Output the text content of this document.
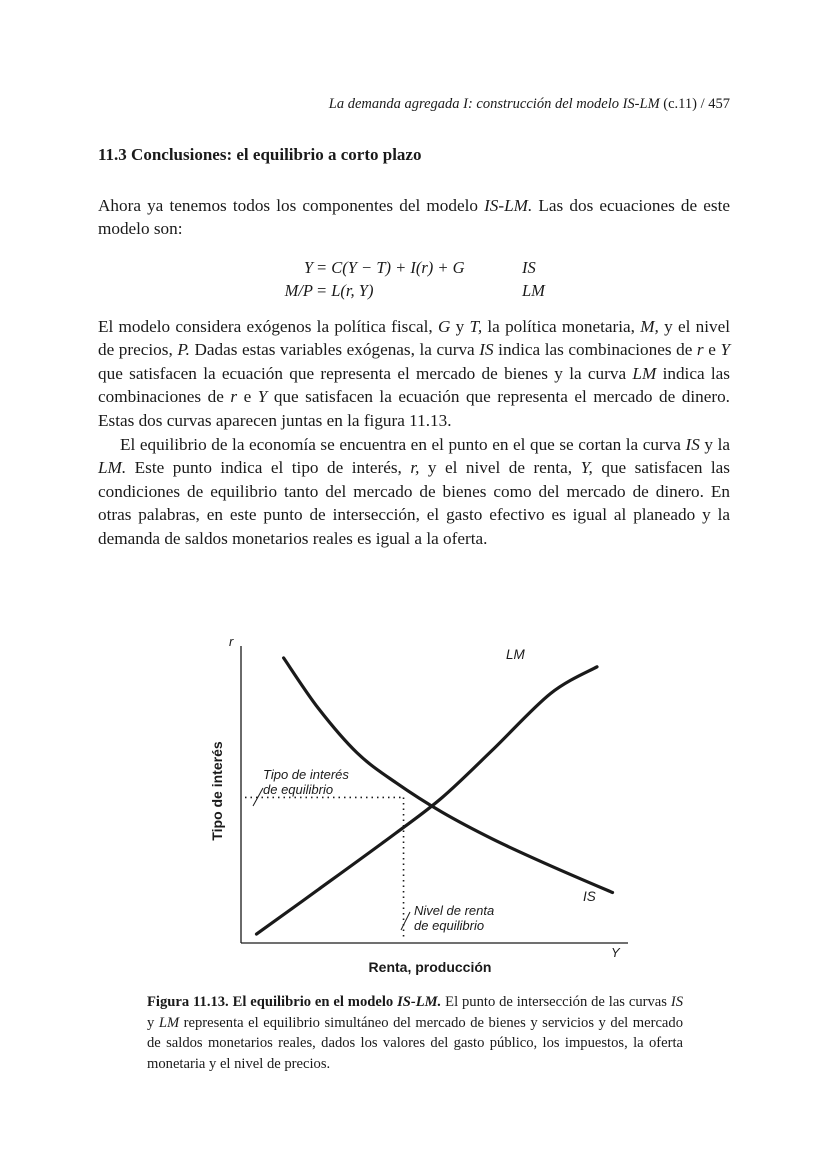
La demanda agregada I: construcción del modelo IS-LM (c.11) / 457
11.3 Conclusiones: el equilibrio a corto plazo

Ahora ya tenemos todos los componentes del modelo IS-LM. Las dos ecuaciones de este modelo son:

Y = C(Y − T) + I(r) + G	IS
M/P = L(r, Y)	LM

El modelo considera exógenos la política fiscal, G y T, la política monetaria, M, y el nivel de precios, P. Dadas estas variables exógenas, la curva IS indica las combinaciones de r e Y que satisfacen la ecuación que representa el mercado de bienes y la curva LM indica las combinaciones de r e Y que satisfacen la ecuación que representa el mercado de dinero. Estas dos curvas aparecen juntas en la figura 11.13.

El equilibrio de la economía se encuentra en el punto en el que se cortan la curva IS y la LM. Este punto indica el tipo de interés, r, y el nivel de renta, Y, que satisfacen las condiciones de equilibrio tanto del mercado de bienes como del mercado de dinero. En otras palabras, en este punto de intersección, el gasto efectivo es igual al planeado y la demanda de saldos monetarios reales es igual a la oferta.

r
Y
LM
IS
Tipo de interés
de equilibrio
Nivel de renta
de equilibrio
Tipo de interés
Renta, producción

Figura 11.13. El equilibrio en el modelo IS-LM. El punto de intersección de las curvas IS y LM representa el equilibrio simultáneo del mercado de bienes y servicios y del mercado de saldos monetarios reales, dados los valores del gasto público, los impuestos, la oferta monetaria y el nivel de precios.
